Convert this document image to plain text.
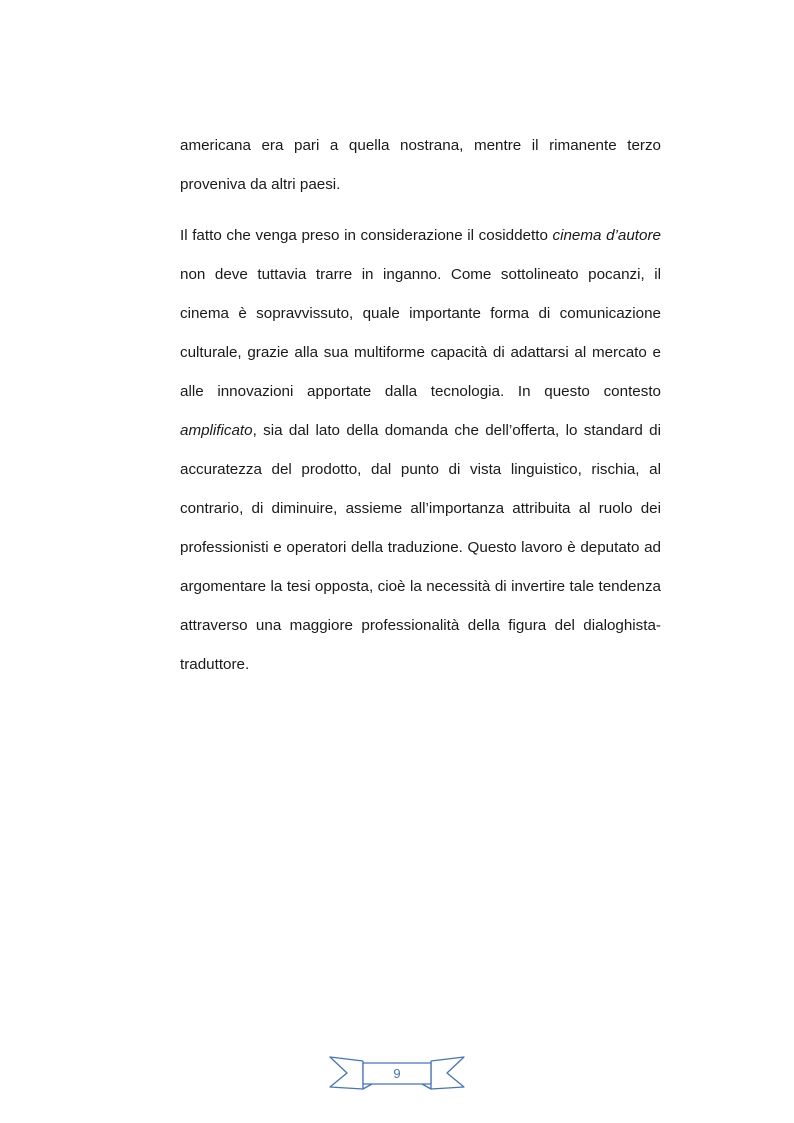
americana era pari a quella nostrana, mentre il rimanente terzo proveniva da altri paesi.

Il fatto che venga preso in considerazione il cosiddetto cinema d’autore non deve tuttavia trarre in inganno. Come sottolineato pocanzi, il cinema è sopravvissuto, quale importante forma di comunicazione culturale, grazie alla sua multiforme capacità di adattarsi al mercato e alle innovazioni apportate dalla tecnologia. In questo contesto amplificato, sia dal lato della domanda che dell’offerta, lo standard di accuratezza del prodotto, dal punto di vista linguistico, rischia, al contrario, di diminuire, assieme all’importanza attribuita al ruolo dei professionisti e operatori della traduzione. Questo lavoro è deputato ad argomentare la tesi opposta, cioè la necessità di invertire tale tendenza attraverso una maggiore professionalità della figura del dialoghista-traduttore.

9
